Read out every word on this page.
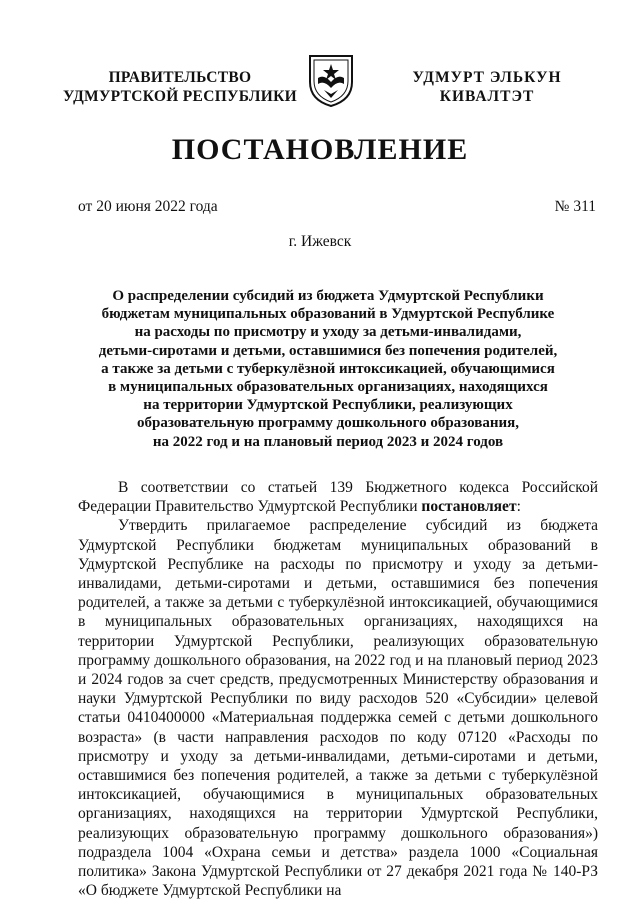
ПРАВИТЕЛЬСТВО
УДМУРТСКОЙ РЕСПУБЛИКИ
УДМУРТ ЭЛЬКУН
КИВАЛТЭТ
ПОСТАНОВЛЕНИЕ
от 20 июня 2022 года	№ 311
г. Ижевск
О распределении субсидий из бюджета Удмуртской Республики
бюджетам муниципальных образований в Удмуртской Республике
на расходы по присмотру и уходу за детьми-инвалидами,
детьми-сиротами и детьми, оставшимися без попечения родителей,
а также за детьми с туберкулёзной интоксикацией, обучающимися
в муниципальных образовательных организациях, находящихся
на территории Удмуртской Республики, реализующих
образовательную программу дошкольного образования,
на 2022 год и на плановый период 2023 и 2024 годов

В соответствии со статьей 139 Бюджетного кодекса Российской Федерации Правительство Удмуртской Республики постановляет:

Утвердить прилагаемое распределение субсидий из бюджета Удмуртской Республики бюджетам муниципальных образований в Удмуртской Республике на расходы по присмотру и уходу за детьми-инвалидами, детьми-сиротами и детьми, оставшимися без попечения родителей, а также за детьми с туберкулёзной интоксикацией, обучающимися в муниципальных образовательных организациях, находящихся на территории Удмуртской Республики, реализующих образовательную программу дошкольного образования, на 2022 год и на плановый период 2023 и 2024 годов за счет средств, предусмотренных Министерству образования и науки Удмуртской Республики по виду расходов 520 «Субсидии» целевой статьи 0410400000 «Материальная поддержка семей с детьми дошкольного возраста» (в части направления расходов по коду 07120 «Расходы по присмотру и уходу за детьми-инвалидами, детьми-сиротами и детьми, оставшимися без попечения родителей, а также за детьми с туберкулёзной интоксикацией, обучающимися в муниципальных образовательных организациях, находящихся на территории Удмуртской Республики, реализующих образовательную программу дошкольного образования») подраздела 1004 «Охрана семьи и детства» раздела 1000 «Социальная политика» Закона Удмуртской Республики от 27 декабря 2021 года № 140-РЗ «О бюджете Удмуртской Республики на
